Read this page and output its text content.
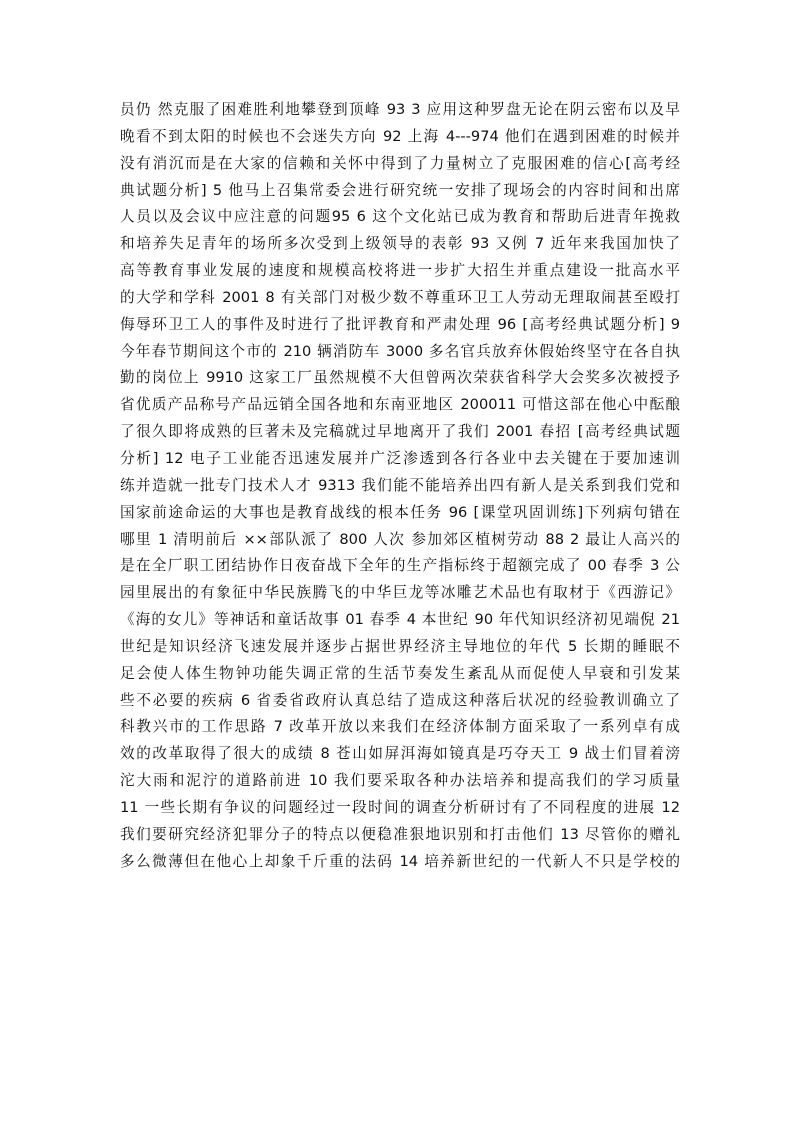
员仍 然克服了困难胜利地攀登到顶峰 93 3 应用这种罗盘无论在阴云密布以及早
晚看不到太阳的时候也不会迷失方向 92 上海 4---974 他们在遇到困难的时候并
没有消沉而是在大家的信赖和关怀中得到了力量树立了克服困难的信心[高考经
典试题分析] 5 他马上召集常委会进行研究统一安排了现场会的内容时间和出席
人员以及会议中应注意的问题95 6 这个文化站已成为教育和帮助后进青年挽救
和培养失足青年的场所多次受到上级领导的表彰 93 又例 7 近年来我国加快了
高等教育事业发展的速度和规模高校将进一步扩大招生并重点建设一批高水平
的大学和学科 2001 8 有关部门对极少数不尊重环卫工人劳动无理取闹甚至殴打
侮辱环卫工人的事件及时进行了批评教育和严肃处理 96 [高考经典试题分析] 9
今年春节期间这个市的 210 辆消防车 3000 多名官兵放弃休假始终坚守在各自执
勤的岗位上 9910 这家工厂虽然规模不大但曾两次荣获省科学大会奖多次被授予
省优质产品称号产品远销全国各地和东南亚地区 200011 可惜这部在他心中酝酿
了很久即将成熟的巨著未及完稿就过早地离开了我们 2001 春招 [高考经典试题
分析] 12 电子工业能否迅速发展并广泛渗透到各行各业中去关键在于要加速训
练并造就一批专门技术人才 9313 我们能不能培养出四有新人是关系到我们党和
国家前途命运的大事也是教育战线的根本任务 96 [课堂巩固训练]下列病句错在
哪里 1 清明前后 ××部队派了 800 人次 参加郊区植树劳动 88 2 最让人高兴的
是在全厂职工团结协作日夜奋战下全年的生产指标终于超额完成了 00 春季 3 公
园里展出的有象征中华民族腾飞的中华巨龙等冰雕艺术品也有取材于《西游记》
《海的女儿》等神话和童话故事 01 春季 4 本世纪 90 年代知识经济初见端倪 21
世纪是知识经济飞速发展并逐步占据世界经济主导地位的年代 5 长期的睡眠不
足会使人体生物钟功能失调正常的生活节奏发生紊乱从而促使人早衰和引发某
些不必要的疾病 6 省委省政府认真总结了造成这种落后状况的经验教训确立了
科教兴市的工作思路 7 改革开放以来我们在经济体制方面采取了一系列卓有成
效的改革取得了很大的成绩 8 苍山如屏洱海如镜真是巧夺天工 9 战士们冒着滂
沱大雨和泥泞的道路前进 10 我们要采取各种办法培养和提高我们的学习质量
11 一些长期有争议的问题经过一段时间的调查分析研讨有了不同程度的进展 12
我们要研究经济犯罪分子的特点以便稳准狠地识别和打击他们 13 尽管你的赠礼
多么微薄但在他心上却象千斤重的法码 14 培养新世纪的一代新人不只是学校的
